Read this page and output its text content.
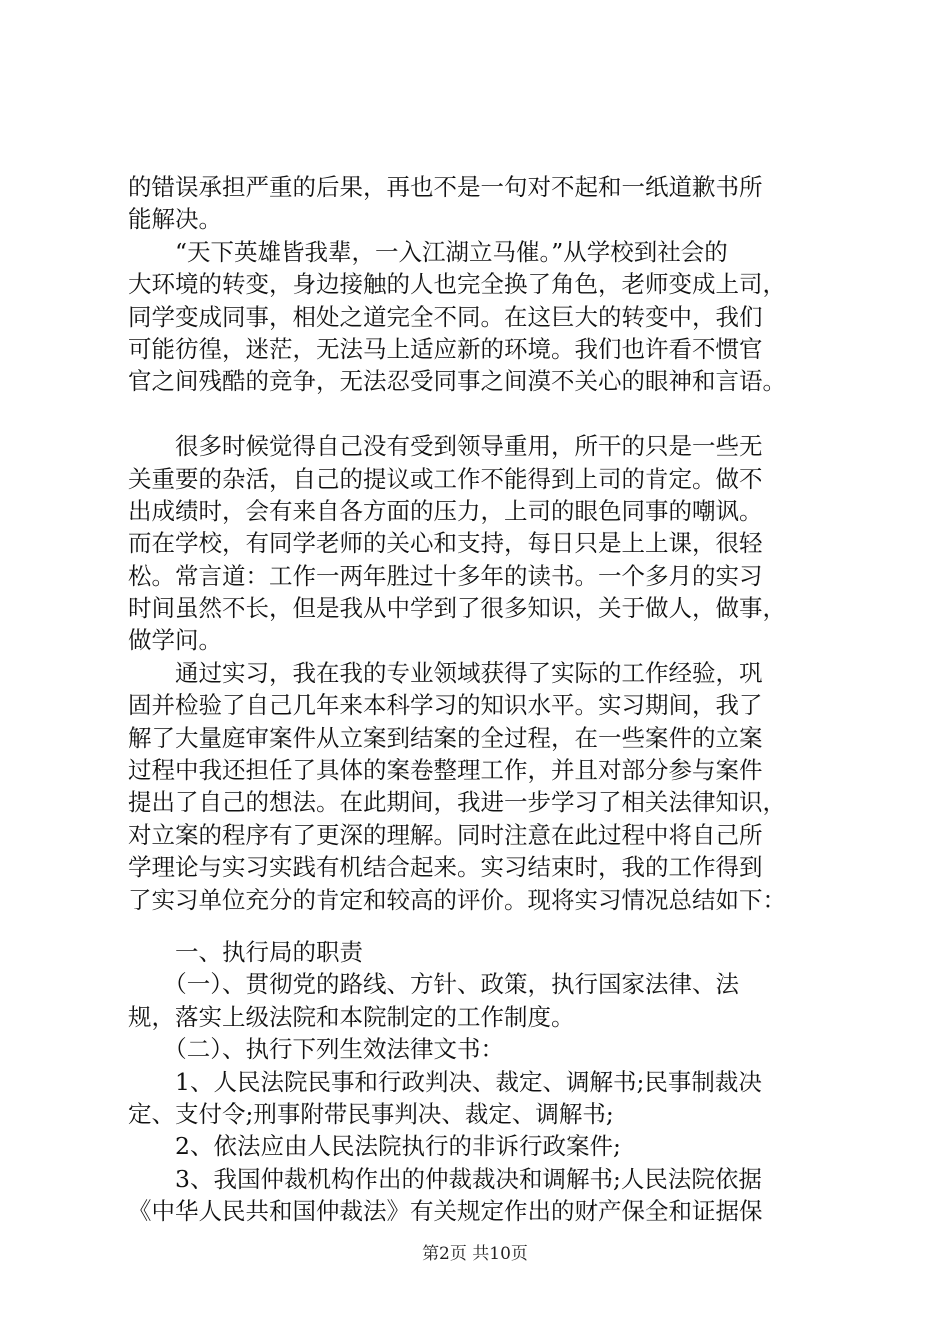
的错误承担严重的后果，再也不是一句对不起和一纸道歉书所
能解决。
　　“天下英雄皆我辈，一入江湖立马催。”从学校到社会的
大环境的转变，身边接触的人也完全换了角色，老师变成上司，
同学变成同事，相处之道完全不同。在这巨大的转变中，我们
可能彷徨，迷茫，无法马上适应新的环境。我们也许看不惯官
官之间残酷的竞争，无法忍受同事之间漠不关心的眼神和言语。
　　很多时候觉得自己没有受到领导重用，所干的只是一些无
关重要的杂活，自己的提议或工作不能得到上司的肯定。做不
出成绩时，会有来自各方面的压力，上司的眼色同事的嘲讽。
而在学校，有同学老师的关心和支持，每日只是上上课，很轻
松。常言道：工作一两年胜过十多年的读书。一个多月的实习
时间虽然不长，但是我从中学到了很多知识，关于做人，做事，
做学问。
　　通过实习，我在我的专业领域获得了实际的工作经验，巩
固并检验了自己几年来本科学习的知识水平。实习期间，我了
解了大量庭审案件从立案到结案的全过程，在一些案件的立案
过程中我还担任了具体的案卷整理工作，并且对部分参与案件
提出了自己的想法。在此期间，我进一步学习了相关法律知识，
对立案的程序有了更深的理解。同时注意在此过程中将自己所
学理论与实习实践有机结合起来。实习结束时，我的工作得到
了实习单位充分的肯定和较高的评价。现将实习情况总结如下：
　　一、执行局的职责
　　（一）、贯彻党的路线、方针、政策，执行国家法律、法
规，落实上级法院和本院制定的工作制度。
　　（二）、执行下列生效法律文书：
　　1、人民法院民事和行政判决、裁定、调解书;民事制裁决
定、支付令;刑事附带民事判决、裁定、调解书;
　　2、依法应由人民法院执行的非诉行政案件;
　　3、我国仲裁机构作出的仲裁裁决和调解书;人民法院依据
《中华人民共和国仲裁法》有关规定作出的财产保全和证据保
第2页 共10页
